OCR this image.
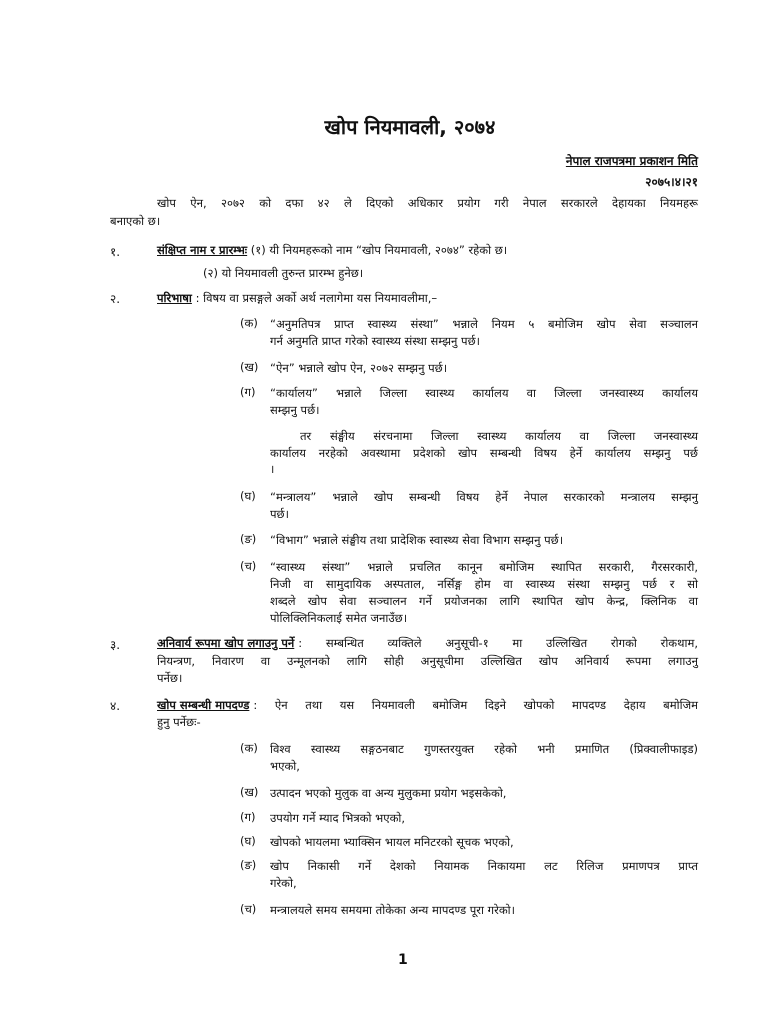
खोप नियमावली, २०७४
नेपाल राजपत्रमा प्रकाशन मिति
२०७५।४।२१
खोप ऐन, २०७२ को दफा ४२ ले दिएको अधिकार प्रयोग गरी नेपाल सरकारले देहायका नियमहरू
बनाएको छ।
१.	संक्षिप्त नाम र प्रारम्भः (१) यी नियमहरूको नाम “खोप नियमावली, २०७४” रहेको छ।
(२) यो नियमावली तुरुन्त प्रारम्भ हुनेछ।
२.	परिभाषा : विषय वा प्रसङ्गले अर्को अर्थ नलागेमा यस नियमावलीमा,–
(क) “अनुमतिपत्र प्राप्त स्वास्थ्य संस्था” भन्नाले नियम ५ बमोजिम खोप सेवा सञ्चालन
गर्न अनुमति प्राप्त गरेको स्वास्थ्य संस्था सम्झनु पर्छ।
(ख) “ऐन” भन्नाले खोप ऐन, २०७२ सम्झनु पर्छ।
(ग) “कार्यालय” भन्नाले जिल्ला स्वास्थ्य कार्यालय वा जिल्ला जनस्वास्थ्य कार्यालय
सम्झनु पर्छ।
तर संङ्घीय संरचनामा जिल्ला स्वास्थ्य कार्यालय वा जिल्ला जनस्वास्थ्य
कार्यालय नरहेको अवस्थामा प्रदेशको खोप सम्बन्धी विषय हेर्ने कार्यालय सम्झनु पर्छ
।
(घ) “मन्त्रालय” भन्नाले खोप सम्बन्धी विषय हेर्ने नेपाल सरकारको मन्त्रालय सम्झनु
पर्छ।
(ङ) “विभाग” भन्नाले संङ्घीय तथा प्रादेशिक स्वास्थ्य सेवा विभाग सम्झनु पर्छ।
(च) “स्वास्थ्य संस्था” भन्नाले प्रचलित कानून बमोजिम स्थापित सरकारी, गैरसरकारी,
निजी वा सामुदायिक अस्पताल, नर्सिङ्ग होम वा स्वास्थ्य संस्था सम्झनु पर्छ र सो
शब्दले खोप सेवा सञ्चालन गर्ने प्रयोजनका लागि स्थापित खोप केन्द्र, क्लिनिक वा
पोलिक्लिनिकलाई समेत जनाउँछ।
३.	अनिवार्य रूपमा खोप लगाउनु पर्ने : सम्बन्धित व्यक्तिले अनुसूची-१ मा उल्लिखित रोगको रोकथाम,
नियन्त्रण, निवारण वा उन्मूलनको लागि सोही अनुसूचीमा उल्लिखित खोप अनिवार्य रूपमा लगाउनु
पर्नेछ।
४.	खोप सम्बन्धी मापदण्ड : ऐन तथा यस नियमावली बमोजिम दिइने खोपको मापदण्ड देहाय बमोजिम
हुनु पर्नेछः-
(क) विश्व स्वास्थ्य सङ्गठनबाट गुणस्तरयुक्त रहेको भनी प्रमाणित (प्रिक्वालीफाइड)
भएको,
(ख) उत्पादन भएको मुलुक वा अन्य मुलुकमा प्रयोग भइसकेको,
(ग) उपयोग गर्ने म्याद भित्रको भएको,
(घ) खोपको भायलमा भ्याक्सिन भायल मनिटरको सूचक भएको,
(ङ) खोप निकासी गर्ने देशको नियामक निकायमा लट रिलिज प्रमाणपत्र प्राप्त
गरेको,
(च) मन्त्रालयले समय समयमा तोकेका अन्य मापदण्ड पूरा गरेको।
1
